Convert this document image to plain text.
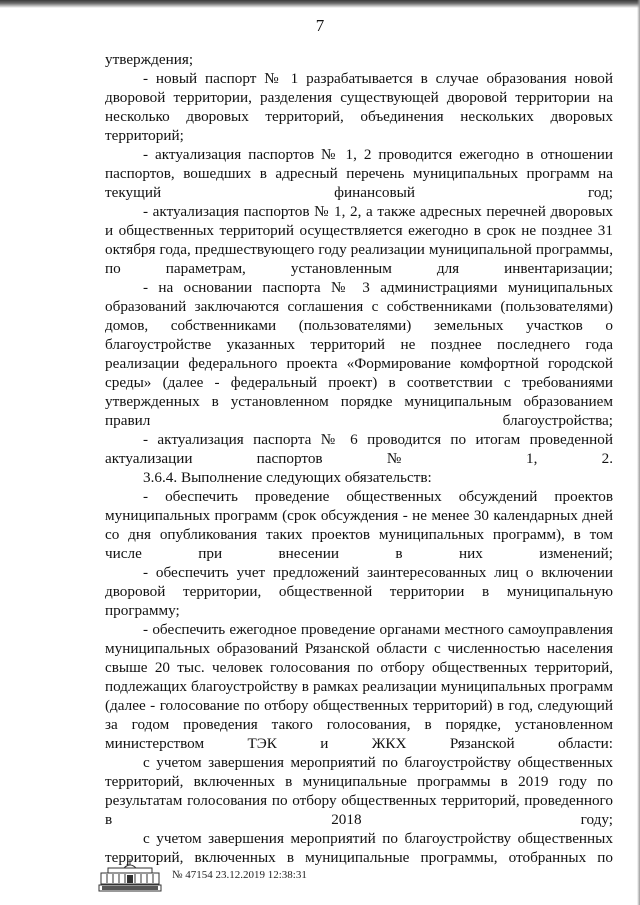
7

утверждения;

- новый паспорт № 1 разрабатывается в случае образования новой дворовой территории, разделения существующей дворовой территории на несколько дворовых территорий, объединения нескольких дворовых территорий;

- актуализация паспортов № 1, 2 проводится ежегодно в отношении паспортов, вошедших в адресный перечень муниципальных программ на текущий финансовый год;

- актуализация паспортов № 1, 2, а также адресных перечней дворовых и общественных территорий осуществляется ежегодно в срок не позднее 31 октября года, предшествующего году реализации муниципальной программы, по параметрам, установленным для инвентаризации;

- на основании паспорта № 3 администрациями муниципальных образований заключаются соглашения с собственниками (пользователями) домов, собственниками (пользователями) земельных участков о благоустройстве указанных территорий не позднее последнего года реализации федерального проекта «Формирование комфортной городской среды» (далее - федеральный проект) в соответствии с требованиями утвержденных в установленном порядке муниципальным образованием правил благоустройства;

- актуализация паспорта № 6 проводится по итогам проведенной актуализации паспортов № 1, 2.

3.6.4. Выполнение следующих обязательств:

- обеспечить проведение общественных обсуждений проектов муниципальных программ (срок обсуждения - не менее 30 календарных дней со дня опубликования таких проектов муниципальных программ), в том числе при внесении в них изменений;

- обеспечить учет предложений заинтересованных лиц о включении дворовой территории, общественной территории в муниципальную программу;

- обеспечить ежегодное проведение органами местного самоуправления муниципальных образований Рязанской области с численностью населения свыше 20 тыс. человек голосования по отбору общественных территорий, подлежащих благоустройству в рамках реализации муниципальных программ (далее - голосование по отбору общественных территорий) в год, следующий за годом проведения такого голосования, в порядке, установленном министерством ТЭК и ЖКХ Рязанской области:

с учетом завершения мероприятий по благоустройству общественных территорий, включенных в муниципальные программы в 2019 году по результатам голосования по отбору общественных территорий, проведенного в 2018 году;

с учетом завершения мероприятий по благоустройству общественных территорий, включенных в муниципальные программы, отобранных по

№ 47154 23.12.2019 12:38:31
